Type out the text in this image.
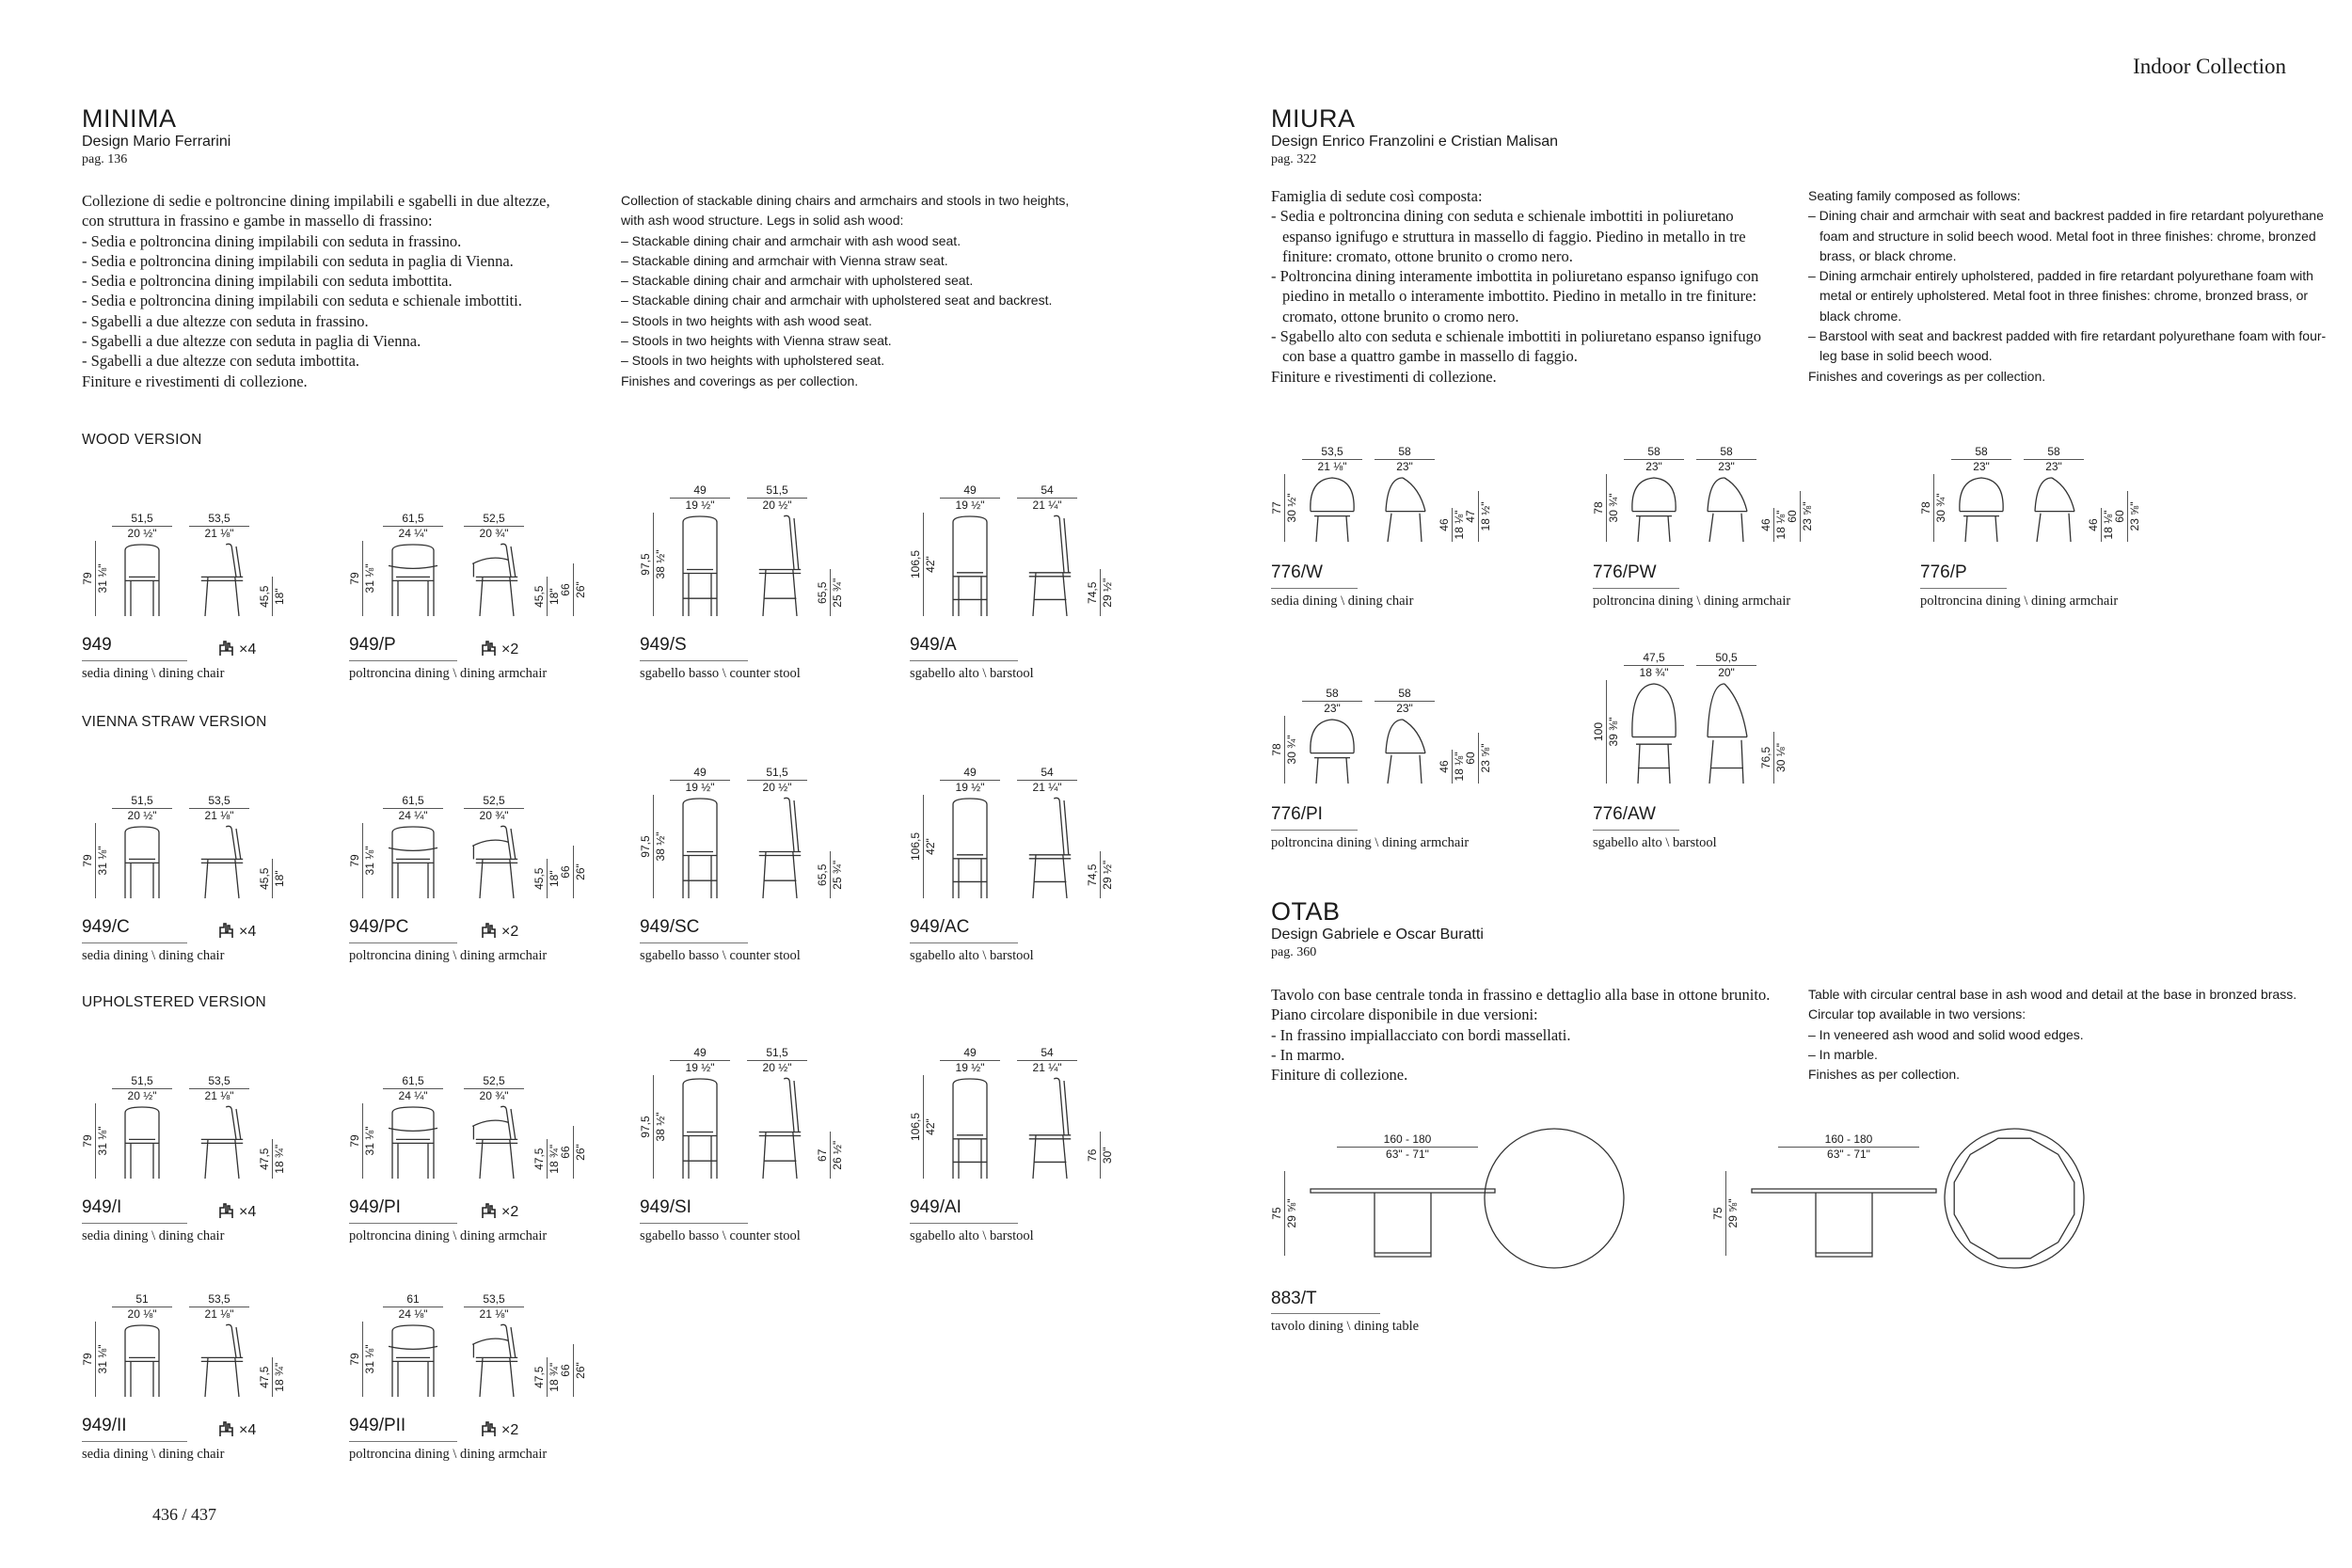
Indoor Collection
MINIMA
Design Mario Ferrarini
pag. 136
Collezione di sedie e poltroncine dining impilabili e sgabelli in due altezze,
con struttura in frassino e gambe in massello di frassino:
- Sedia e poltroncina dining impilabili con seduta in frassino.
- Sedia e poltroncina dining impilabili con seduta in paglia di Vienna.
- Sedia e poltroncina dining impilabili con seduta imbottita.
- Sedia e poltroncina dining impilabili con seduta e schienale imbottiti.
- Sgabelli a due altezze con seduta in frassino.
- Sgabelli a due altezze con seduta in paglia di Vienna.
- Sgabelli a due altezze con seduta imbottita.
Finiture e rivestimenti di collezione.
Collection of stackable dining chairs and armchairs and stools in two heights,
with ash wood structure. Legs in solid ash wood:
– Stackable dining chair and armchair with ash wood seat.
– Stackable dining and armchair with Vienna straw seat.
– Stackable dining chair and armchair with upholstered seat.
– Stackable dining chair and armchair with upholstered seat and backrest.
– Stools in two heights with ash wood seat.
– Stools in two heights with Vienna straw seat.
– Stools in two heights with upholstered seat.
Finishes and coverings as per collection.
WOOD VERSION
VIENNA STRAW VERSION
UPHOLSTERED VERSION
79 31 ⅛"
51,5
20 ½"
53,5
21 ⅛"
45,5 18"
949
sedia dining \ dining chair
×4
79 31 ⅛"
61,5
24 ¼"
52,5
20 ¾"
45,5 18"
66 26"
949/P
poltroncina dining \ dining armchair
×2
97,5 38 ½"
49
19 ½"
51,5
20 ½"
65,5 25 ¾"
949/S
sgabello basso \ counter stool
106,5 42"
49
19 ½"
54
21 ¼"
74,5 29 ½"
949/A
sgabello alto \ barstool
79 31 ⅛"
51,5
20 ½"
53,5
21 ⅛"
45,5 18"
949/C
sedia dining \ dining chair
×4
79 31 ⅛"
61,5
24 ¼"
52,5
20 ¾"
45,5 18"
66 26"
949/PC
poltroncina dining \ dining armchair
×2
97,5 38 ½"
49
19 ½"
51,5
20 ½"
65,5 25 ¾"
949/SC
sgabello basso \ counter stool
106,5 42"
49
19 ½"
54
21 ¼"
74,5 29 ½"
949/AC
sgabello alto \ barstool
79 31 ⅛"
51,5
20 ½"
53,5
21 ⅛"
47,5 18 ¾"
949/I
sedia dining \ dining chair
×4
79 31 ⅛"
61,5
24 ¼"
52,5
20 ¾"
47,5 18 ¾"
66 26"
949/PI
poltroncina dining \ dining armchair
×2
97,5 38 ½"
49
19 ½"
51,5
20 ½"
67 26 ½"
949/SI
sgabello basso \ counter stool
106,5 42"
49
19 ½"
54
21 ¼"
76 30"
949/AI
sgabello alto \ barstool
79 31 ⅛"
51
20 ⅛"
53,5
21 ⅛"
47,5 18 ¾"
949/II
sedia dining \ dining chair
×4
79 31 ⅛"
61
24 ⅛"
53,5
21 ⅛"
47,5 18 ¾"
66 26"
949/PII
poltroncina dining \ dining armchair
×2
MIURA
Design Enrico Franzolini e Cristian Malisan
pag. 322
Famiglia di sedute così composta:
- Sedia e poltroncina dining con seduta e schienale imbottiti in poliuretano espanso ignifugo e struttura in massello di faggio. Piedino in metallo in tre finiture: cromato, ottone brunito o cromo nero.
- Poltroncina dining interamente imbottita in poliuretano espanso ignifugo con piedino in metallo o interamente imbottito. Piedino in metallo in tre finiture: cromato, ottone brunito o cromo nero.
- Sgabello alto con seduta e schienale imbottiti in poliuretano espanso ignifugo con base a quattro gambe in massello di faggio.
Finiture e rivestimenti di collezione.
Seating family composed as follows:
– Dining chair and armchair with seat and backrest padded in fire retardant polyurethane foam and structure in solid beech wood. Metal foot in three finishes: chrome, bronzed brass, or black chrome.
– Dining armchair entirely upholstered, padded in fire retardant polyurethane foam with metal or entirely upholstered. Metal foot in three finishes: chrome, bronzed brass, or black chrome.
– Barstool with seat and backrest padded with fire retardant polyurethane foam with four-leg base in solid beech wood.
Finishes and coverings as per collection.
77 30 ½"
53,5
21 ⅛"
58
23"
46 18 ⅛"
47 18 ½"
776/W
sedia dining \ dining chair
78 30 ¾"
58
23"
58
23"
46 18 ⅛"
60 23 ⅝"
776/PW
poltroncina dining \ dining armchair
78 30 ¾"
58
23"
58
23"
46 18 ⅛"
60 23 ⅝"
776/P
poltroncina dining \ dining armchair
78 30 ¾"
58
23"
58
23"
46 18 ⅛"
60 23 ⅝"
776/PI
poltroncina dining \ dining armchair
100 39 ⅜"
47,5
18 ¾"
50,5
20"
76,5 30 ⅛"
776/AW
sgabello alto \ barstool
OTAB
Design Gabriele e Oscar Buratti
pag. 360
Tavolo con base centrale tonda in frassino e dettaglio alla base in ottone brunito.
Piano circolare disponibile in due versioni:
- In frassino impiallacciato con bordi massellati.
- In marmo.
Finiture di collezione.
Table with circular central base in ash wood and detail at the base in bronzed brass.
Circular top available in two versions:
– In veneered ash wood and solid wood edges.
– In marble.
Finishes as per collection.
160 - 180
63" - 71"
75 29 ⅝"
160 - 180
63" - 71"
75 29 ⅝"
883/T
tavolo dining \ dining table
436 / 437
